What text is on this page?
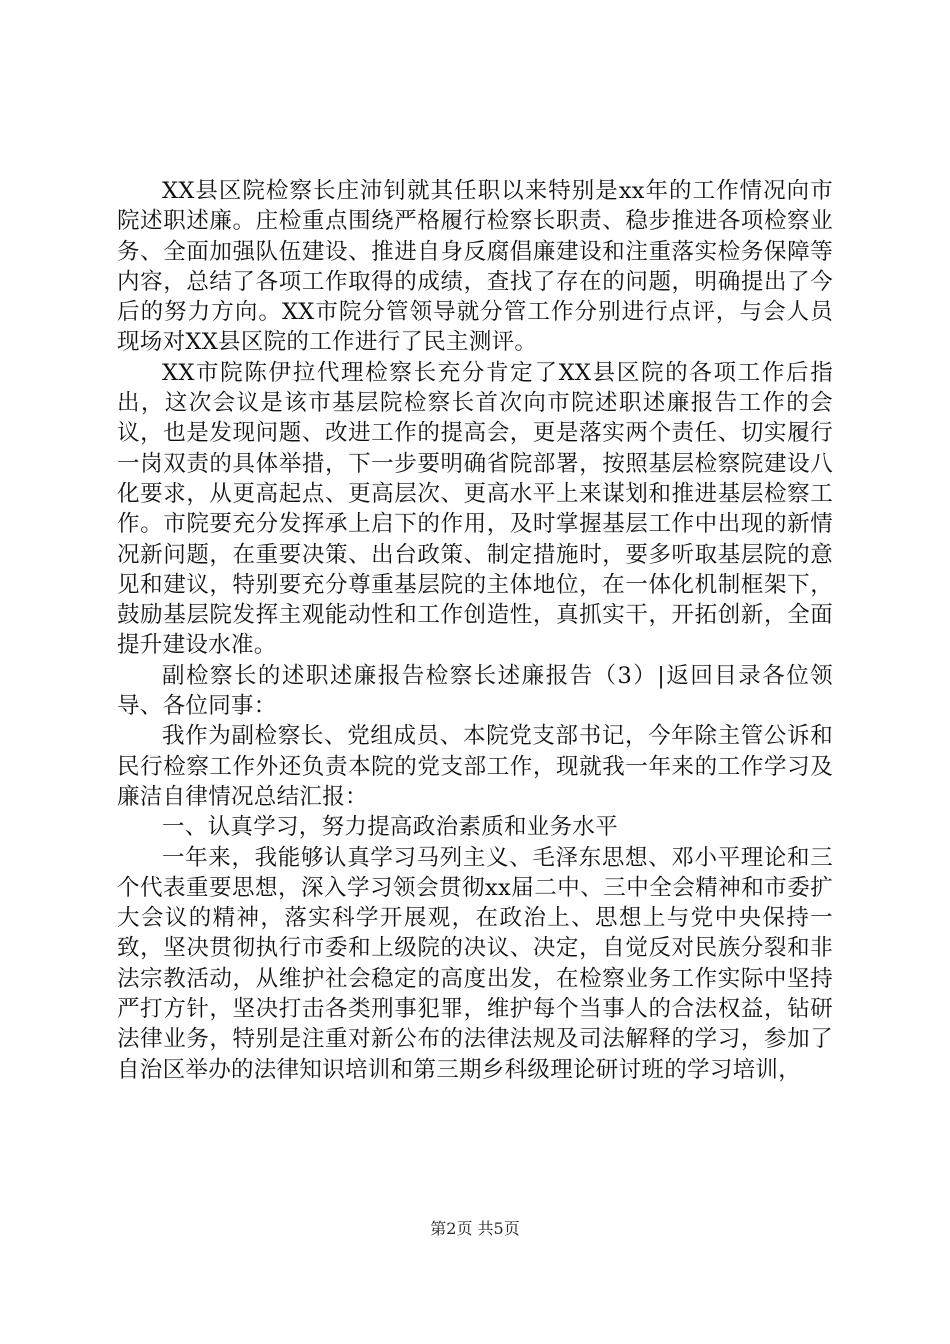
XX县区院检察长庄沛钊就其任职以来特别是xx年的工作情况向市院述职述廉。庄检重点围绕严格履行检察长职责、稳步推进各项检察业务、全面加强队伍建设、推进自身反腐倡廉建设和注重落实检务保障等内容，总结了各项工作取得的成绩，查找了存在的问题，明确提出了今后的努力方向。XX市院分管领导就分管工作分别进行点评，与会人员现场对XX县区院的工作进行了民主测评。

XX市院陈伊拉代理检察长充分肯定了XX县区院的各项工作后指出，这次会议是该市基层院检察长首次向市院述职述廉报告工作的会议，也是发现问题、改进工作的提高会，更是落实两个责任、切实履行一岗双责的具体举措，下一步要明确省院部署，按照基层检察院建设八化要求，从更高起点、更高层次、更高水平上来谋划和推进基层检察工作。市院要充分发挥承上启下的作用，及时掌握基层工作中出现的新情况新问题，在重要决策、出台政策、制定措施时，要多听取基层院的意见和建议，特别要充分尊重基层院的主体地位，在一体化机制框架下，鼓励基层院发挥主观能动性和工作创造性，真抓实干，开拓创新，全面提升建设水准。

副检察长的述职述廉报告检察长述廉报告（3）|返回目录各位领导、各位同事：

我作为副检察长、党组成员、本院党支部书记，今年除主管公诉和民行检察工作外还负责本院的党支部工作，现就我一年来的工作学习及廉洁自律情况总结汇报：

一、认真学习，努力提高政治素质和业务水平

一年来，我能够认真学习马列主义、毛泽东思想、邓小平理论和三个代表重要思想，深入学习领会贯彻xx届二中、三中全会精神和市委扩大会议的精神，落实科学开展观，在政治上、思想上与党中央保持一致，坚决贯彻执行市委和上级院的决议、决定，自觉反对民族分裂和非法宗教活动，从维护社会稳定的高度出发，在检察业务工作实际中坚持严打方针，坚决打击各类刑事犯罪，维护每个当事人的合法权益，钻研法律业务，特别是注重对新公布的法律法规及司法解释的学习，参加了自治区举办的法律知识培训和第三期乡科级理论研讨班的学习培训，

第2页 共5页
